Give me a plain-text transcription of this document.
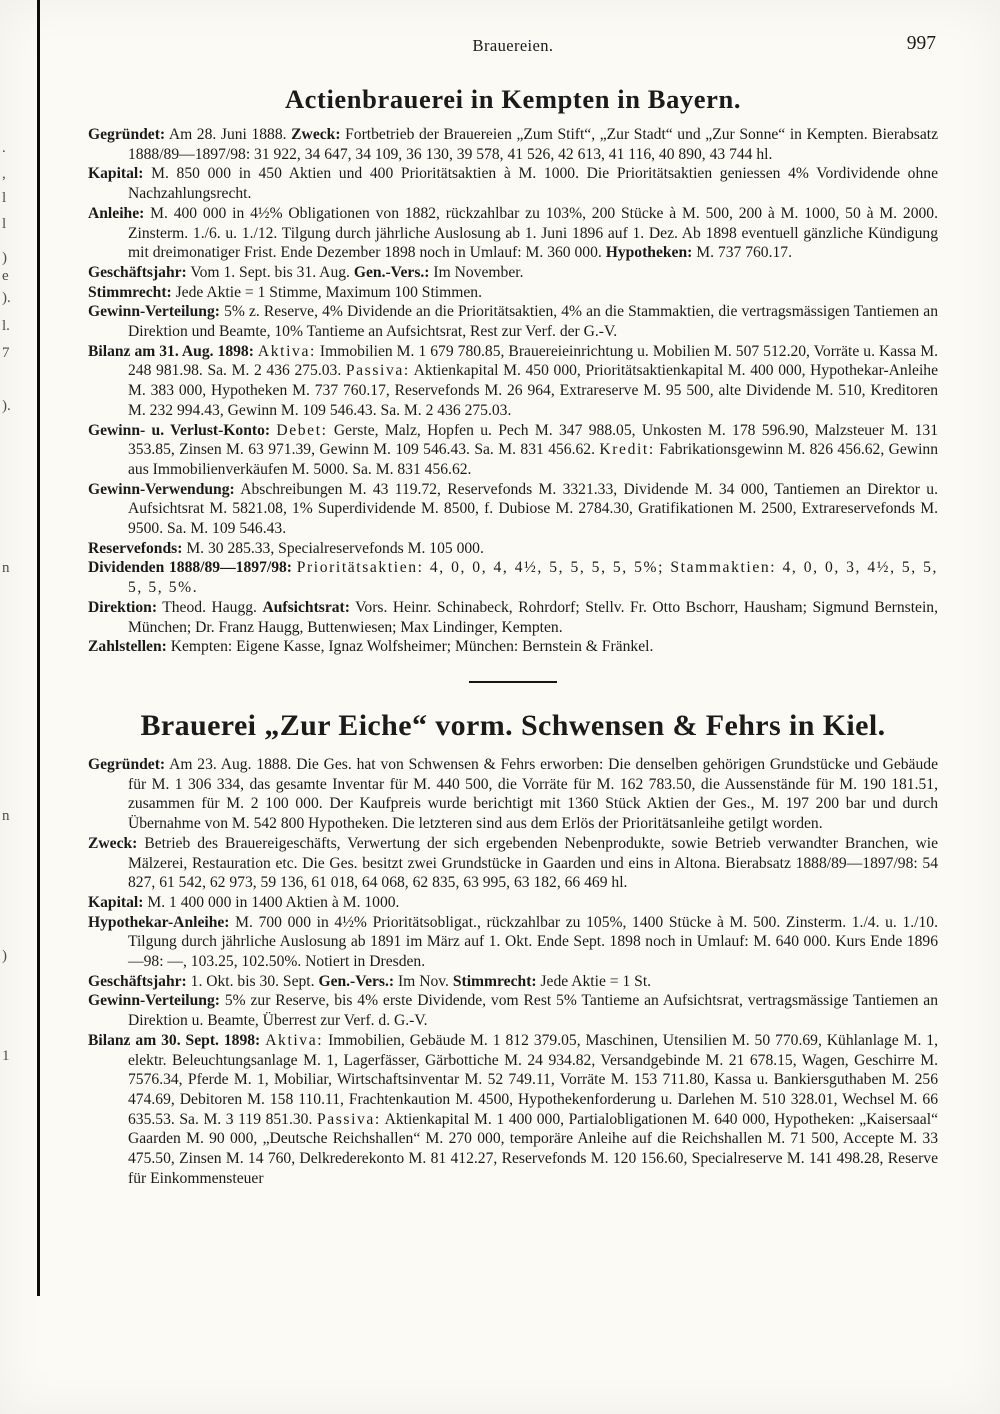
.
,
l
l
)
e
).
l.
7
).
n
n
)
1
Brauereien.	997
Actienbrauerei in Kempten in Bayern.

Gegründet: Am 28. Juni 1888. Zweck: Fortbetrieb der Brauereien „Zum Stift“, „Zur Stadt“ und „Zur Sonne“ in Kempten. Bierabsatz 1888/89—1897/98: 31 922, 34 647, 34 109, 36 130, 39 578, 41 526, 42 613, 41 116, 40 890, 43 744 hl.

Kapital: M. 850 000 in 450 Aktien und 400 Prioritätsaktien à M. 1000. Die Prioritätsaktien geniessen 4% Vordividende ohne Nachzahlungsrecht.

Anleihe: M. 400 000 in 4½% Obligationen von 1882, rückzahlbar zu 103%, 200 Stücke à M. 500, 200 à M. 1000, 50 à M. 2000. Zinsterm. 1./6. u. 1./12. Tilgung durch jährliche Auslosung ab 1. Juni 1896 auf 1. Dez. Ab 1898 eventuell gänzliche Kündigung mit dreimonatiger Frist. Ende Dezember 1898 noch in Umlauf: M. 360 000. Hypotheken: M. 737 760.17.

Geschäftsjahr: Vom 1. Sept. bis 31. Aug. Gen.-Vers.: Im November.

Stimmrecht: Jede Aktie = 1 Stimme, Maximum 100 Stimmen.

Gewinn-Verteilung: 5% z. Reserve, 4% Dividende an die Prioritätsaktien, 4% an die Stammaktien, die vertragsmässigen Tantiemen an Direktion und Beamte, 10% Tantieme an Aufsichtsrat, Rest zur Verf. der G.-V.

Bilanz am 31. Aug. 1898: Aktiva: Immobilien M. 1 679 780.85, Brauereieinrichtung u. Mobilien M. 507 512.20, Vorräte u. Kassa M. 248 981.98. Sa. M. 2 436 275.03. Passiva: Aktienkapital M. 450 000, Prioritätsaktienkapital M. 400 000, Hypothekar-Anleihe M. 383 000, Hypotheken M. 737 760.17, Reservefonds M. 26 964, Extrareserve M. 95 500, alte Dividende M. 510, Kreditoren M. 232 994.43, Gewinn M. 109 546.43. Sa. M. 2 436 275.03.

Gewinn- u. Verlust-Konto: Debet: Gerste, Malz, Hopfen u. Pech M. 347 988.05, Unkosten M. 178 596.90, Malzsteuer M. 131 353.85, Zinsen M. 63 971.39, Gewinn M. 109 546.43. Sa. M. 831 456.62. Kredit: Fabrikationsgewinn M. 826 456.62, Gewinn aus Immobilienverkäufen M. 5000. Sa. M. 831 456.62.

Gewinn-Verwendung: Abschreibungen M. 43 119.72, Reservefonds M. 3321.33, Dividende M. 34 000, Tantiemen an Direktor u. Aufsichtsrat M. 5821.08, 1% Superdividende M. 8500, f. Dubiose M. 2784.30, Gratifikationen M. 2500, Extrareservefonds M. 9500. Sa. M. 109 546.43.

Reservefonds: M. 30 285.33, Specialreservefonds M. 105 000.

Dividenden 1888/89—1897/98: Prioritätsaktien: 4, 0, 0, 4, 4½, 5, 5, 5, 5, 5%; Stammaktien: 4, 0, 0, 3, 4½, 5, 5, 5, 5, 5%.

Direktion: Theod. Haugg. Aufsichtsrat: Vors. Heinr. Schinabeck, Rohrdorf; Stellv. Fr. Otto Bschorr, Hausham; Sigmund Bernstein, München; Dr. Franz Haugg, Buttenwiesen; Max Lindinger, Kempten.

Zahlstellen: Kempten: Eigene Kasse, Ignaz Wolfsheimer; München: Bernstein & Fränkel.

Brauerei „Zur Eiche“ vorm. Schwensen & Fehrs in Kiel.

Gegründet: Am 23. Aug. 1888. Die Ges. hat von Schwensen & Fehrs erworben: Die denselben gehörigen Grundstücke und Gebäude für M. 1 306 334, das gesamte Inventar für M. 440 500, die Vorräte für M. 162 783.50, die Aussenstände für M. 190 181.51, zusammen für M. 2 100 000. Der Kaufpreis wurde berichtigt mit 1360 Stück Aktien der Ges., M. 197 200 bar und durch Übernahme von M. 542 800 Hypotheken. Die letzteren sind aus dem Erlös der Prioritätsanleihe getilgt worden.

Zweck: Betrieb des Brauereigeschäfts, Verwertung der sich ergebenden Nebenprodukte, sowie Betrieb verwandter Branchen, wie Mälzerei, Restauration etc. Die Ges. besitzt zwei Grundstücke in Gaarden und eins in Altona. Bierabsatz 1888/89—1897/98: 54 827, 61 542, 62 973, 59 136, 61 018, 64 068, 62 835, 63 995, 63 182, 66 469 hl.

Kapital: M. 1 400 000 in 1400 Aktien à M. 1000.

Hypothekar-Anleihe: M. 700 000 in 4½% Prioritätsobligat., rückzahlbar zu 105%, 1400 Stücke à M. 500. Zinsterm. 1./4. u. 1./10. Tilgung durch jährliche Auslosung ab 1891 im März auf 1. Okt. Ende Sept. 1898 noch in Umlauf: M. 640 000. Kurs Ende 1896—98: —, 103.25, 102.50%. Notiert in Dresden.

Geschäftsjahr: 1. Okt. bis 30. Sept. Gen.-Vers.: Im Nov. Stimmrecht: Jede Aktie = 1 St.

Gewinn-Verteilung: 5% zur Reserve, bis 4% erste Dividende, vom Rest 5% Tantieme an Aufsichtsrat, vertragsmässige Tantiemen an Direktion u. Beamte, Überrest zur Verf. d. G.-V.

Bilanz am 30. Sept. 1898: Aktiva: Immobilien, Gebäude M. 1 812 379.05, Maschinen, Utensilien M. 50 770.69, Kühlanlage M. 1, elektr. Beleuchtungsanlage M. 1, Lagerfässer, Gärbottiche M. 24 934.82, Versandgebinde M. 21 678.15, Wagen, Geschirre M. 7576.34, Pferde M. 1, Mobiliar, Wirtschaftsinventar M. 52 749.11, Vorräte M. 153 711.80, Kassa u. Bankiersguthaben M. 256 474.69, Debitoren M. 158 110.11, Frachtenkaution M. 4500, Hypothekenforderung u. Darlehen M. 510 328.01, Wechsel M. 66 635.53. Sa. M. 3 119 851.30. Passiva: Aktienkapital M. 1 400 000, Partialobligationen M. 640 000, Hypotheken: „Kaisersaal“ Gaarden M. 90 000, „Deutsche Reichshallen“ M. 270 000, temporäre Anleihe auf die Reichshallen M. 71 500, Accepte M. 33 475.50, Zinsen M. 14 760, Delkrederekonto M. 81 412.27, Reservefonds M. 120 156.60, Specialreserve M. 141 498.28, Reserve für Einkommensteuer
